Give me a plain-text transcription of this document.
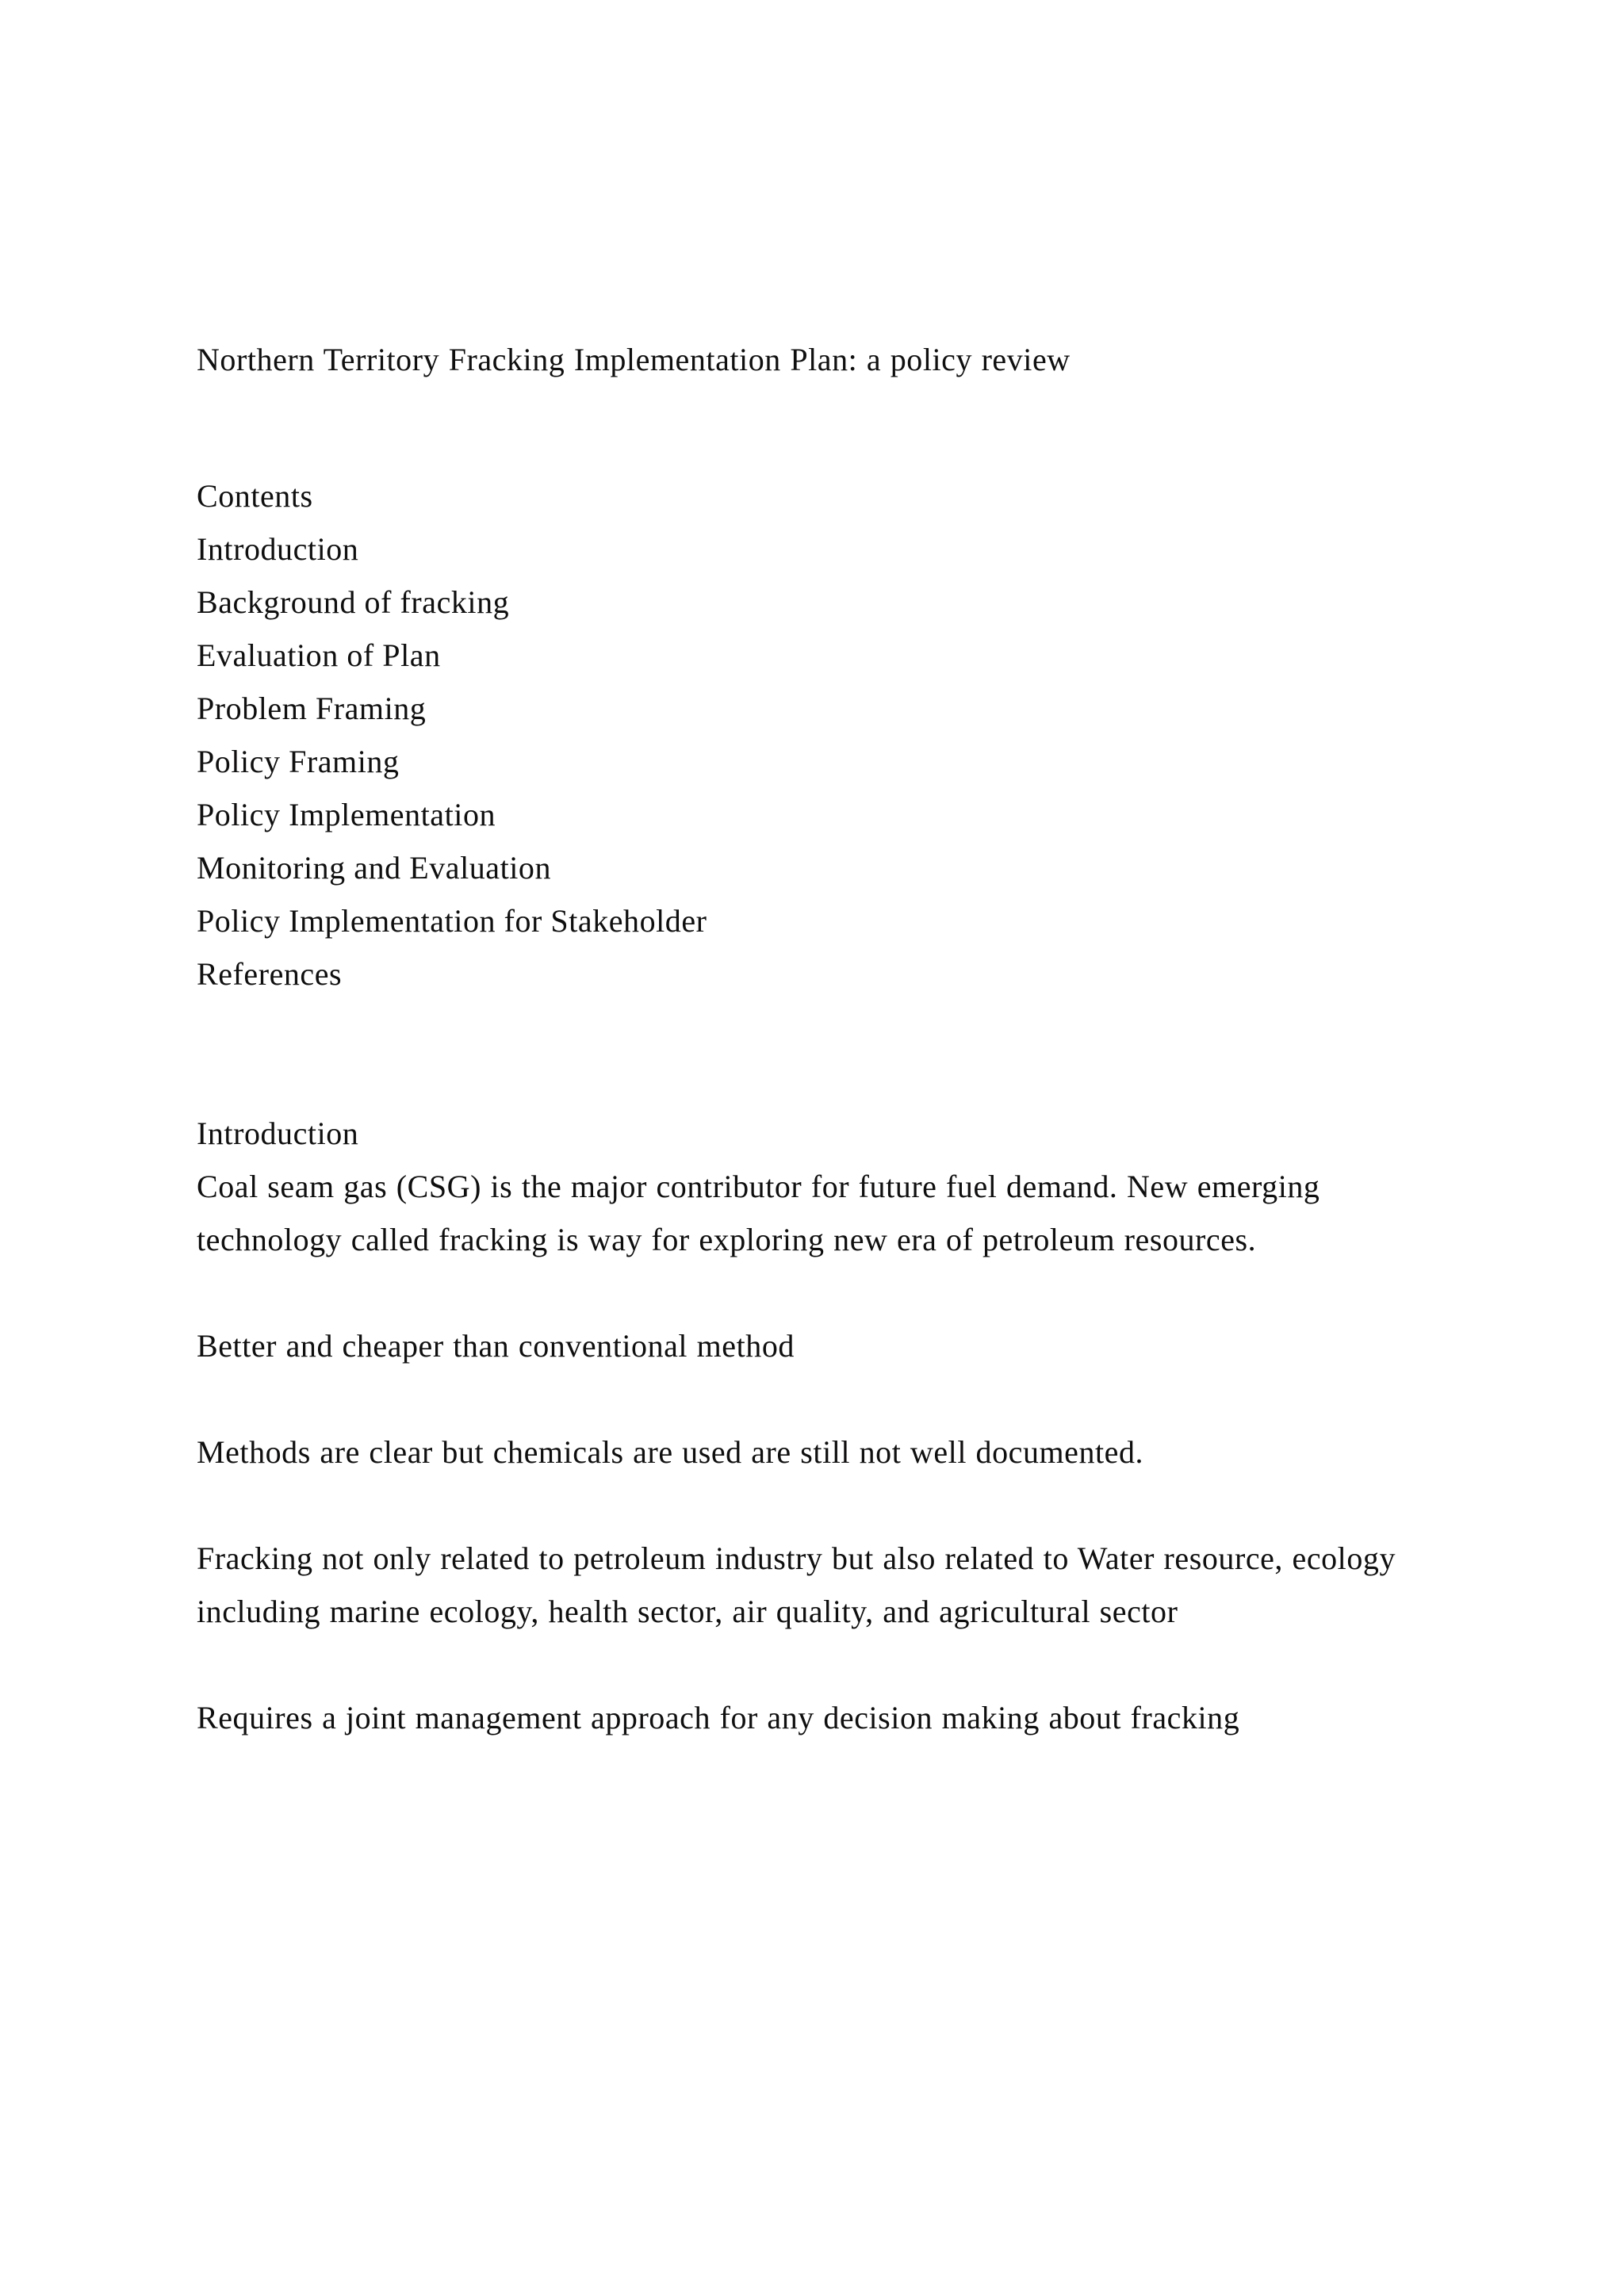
Northern Territory Fracking Implementation Plan: a policy review
Contents
Introduction
Background of fracking
Evaluation of Plan
Problem Framing
Policy Framing
Policy Implementation
Monitoring and Evaluation
Policy Implementation for Stakeholder
References
Introduction

Coal seam gas (CSG) is the major contributor for future fuel demand. New emerging technology called fracking is way for exploring new era of petroleum resources.

Better and cheaper than conventional method

Methods are clear but chemicals are used are still not well documented.

Fracking not only related to petroleum industry but also related to Water resource, ecology including marine ecology, health sector, air quality, and agricultural sector

Requires a joint management approach for any decision making about fracking
